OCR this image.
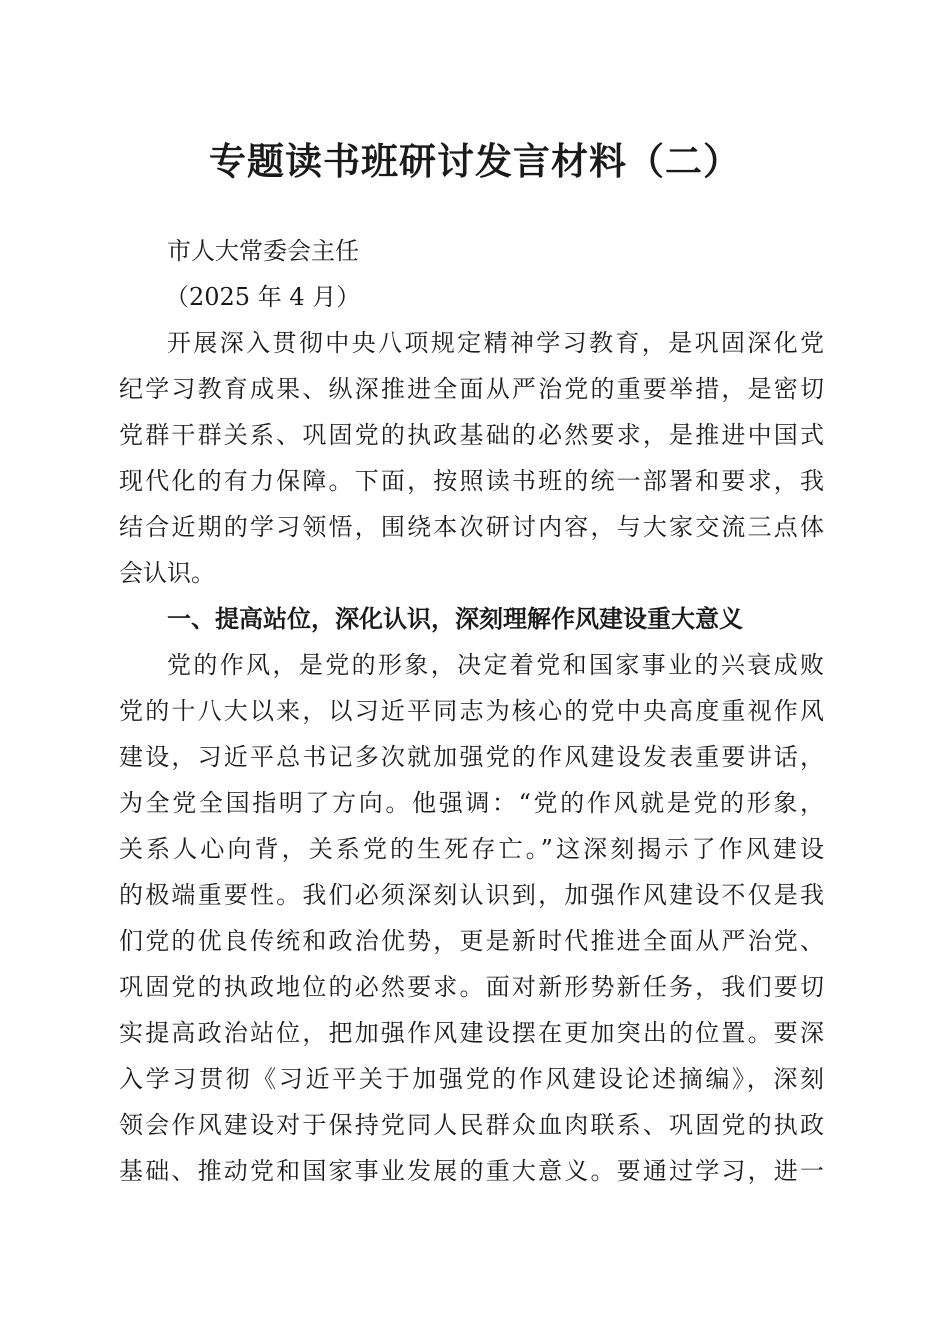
专题读书班研讨发言材料（二）
市人大常委会主任
（2025 年 4 月）
开展深入贯彻中央八项规定精神学习教育，是巩固深化党
纪学习教育成果、纵深推进全面从严治党的重要举措，是密切
党群干群关系、巩固党的执政基础的必然要求，是推进中国式
现代化的有力保障。下面，按照读书班的统一部署和要求，我
结合近期的学习领悟，围绕本次研讨内容，与大家交流三点体
会认识。
一、提高站位，深化认识，深刻理解作风建设重大意义
党的作风，是党的形象，决定着党和国家事业的兴衰成败
党的十八大以来，以习近平同志为核心的党中央高度重视作风
建设，习近平总书记多次就加强党的作风建设发表重要讲话，
为全党全国指明了方向。他强调：“党的作风就是党的形象，
关系人心向背，关系党的生死存亡。”这深刻揭示了作风建设
的极端重要性。我们必须深刻认识到，加强作风建设不仅是我
们党的优良传统和政治优势，更是新时代推进全面从严治党、
巩固党的执政地位的必然要求。面对新形势新任务，我们要切
实提高政治站位，把加强作风建设摆在更加突出的位置。要深
入学习贯彻《习近平关于加强党的作风建设论述摘编》，深刻
领会作风建设对于保持党同人民群众血肉联系、巩固党的执政
基础、推动党和国家事业发展的重大意义。要通过学习，进一
